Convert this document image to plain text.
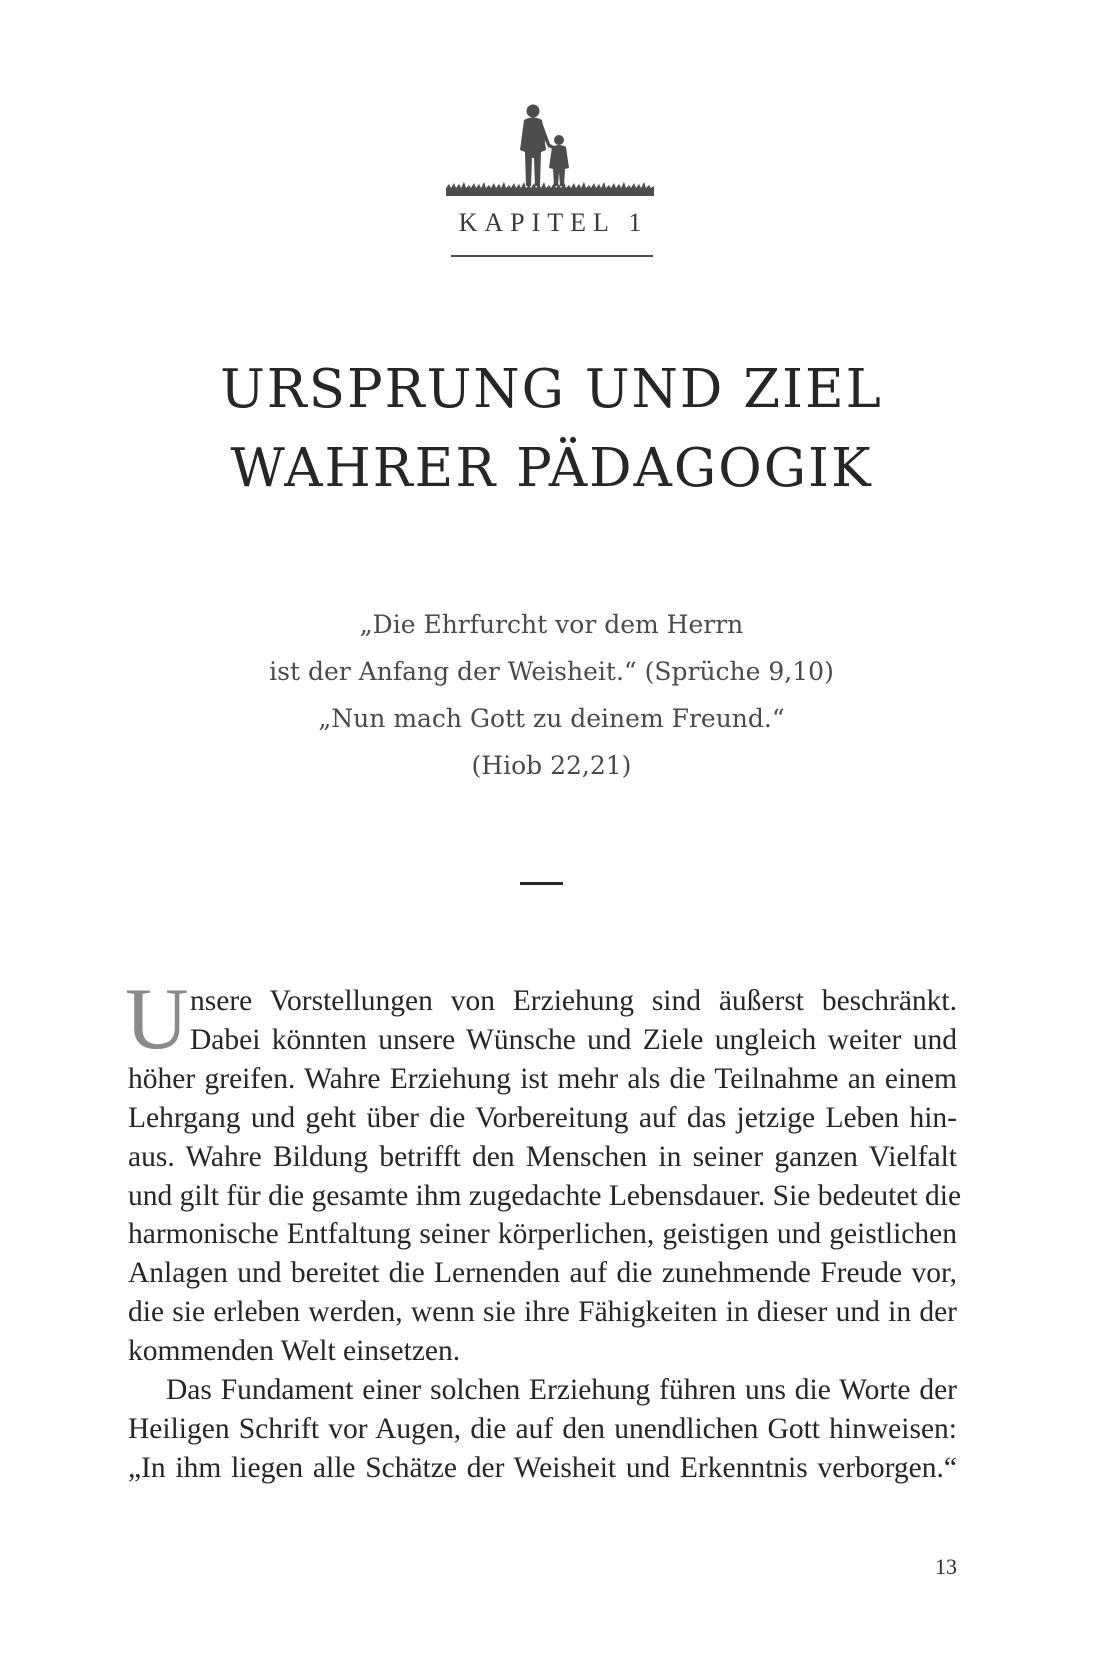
KAPITEL 1
URSPRUNG UND ZIEL
WAHRER PÄDAGOGIK
„Die Ehrfurcht vor dem Herrn
ist der Anfang der Weisheit.“ (Sprüche 9,10)
„Nun mach Gott zu deinem Freund.“
(Hiob 22,21)
U nsere Vorstellungen von Erziehung sind äußerst beschränkt.
Dabei könnten unsere Wünsche und Ziele ungleich weiter und
höher greifen. Wahre Erziehung ist mehr als die Teilnahme an einem
Lehrgang und geht über die Vorbereitung auf das jetzige Leben hin-
aus. Wahre Bildung betrifft den Menschen in seiner ganzen Vielfalt
und gilt für die gesamte ihm zugedachte Lebensdauer. Sie bedeutet die
harmonische Entfaltung seiner körperlichen, geistigen und geistlichen
Anlagen und bereitet die Lernenden auf die zunehmende Freude vor,
die sie erleben werden, wenn sie ihre Fähigkeiten in dieser und in der
kommenden Welt einsetzen.
Das Fundament einer solchen Erziehung führen uns die Worte der
Heiligen Schrift vor Augen, die auf den unendlichen Gott hinweisen:
„In ihm liegen alle Schätze der Weisheit und Erkenntnis verborgen.“
13
